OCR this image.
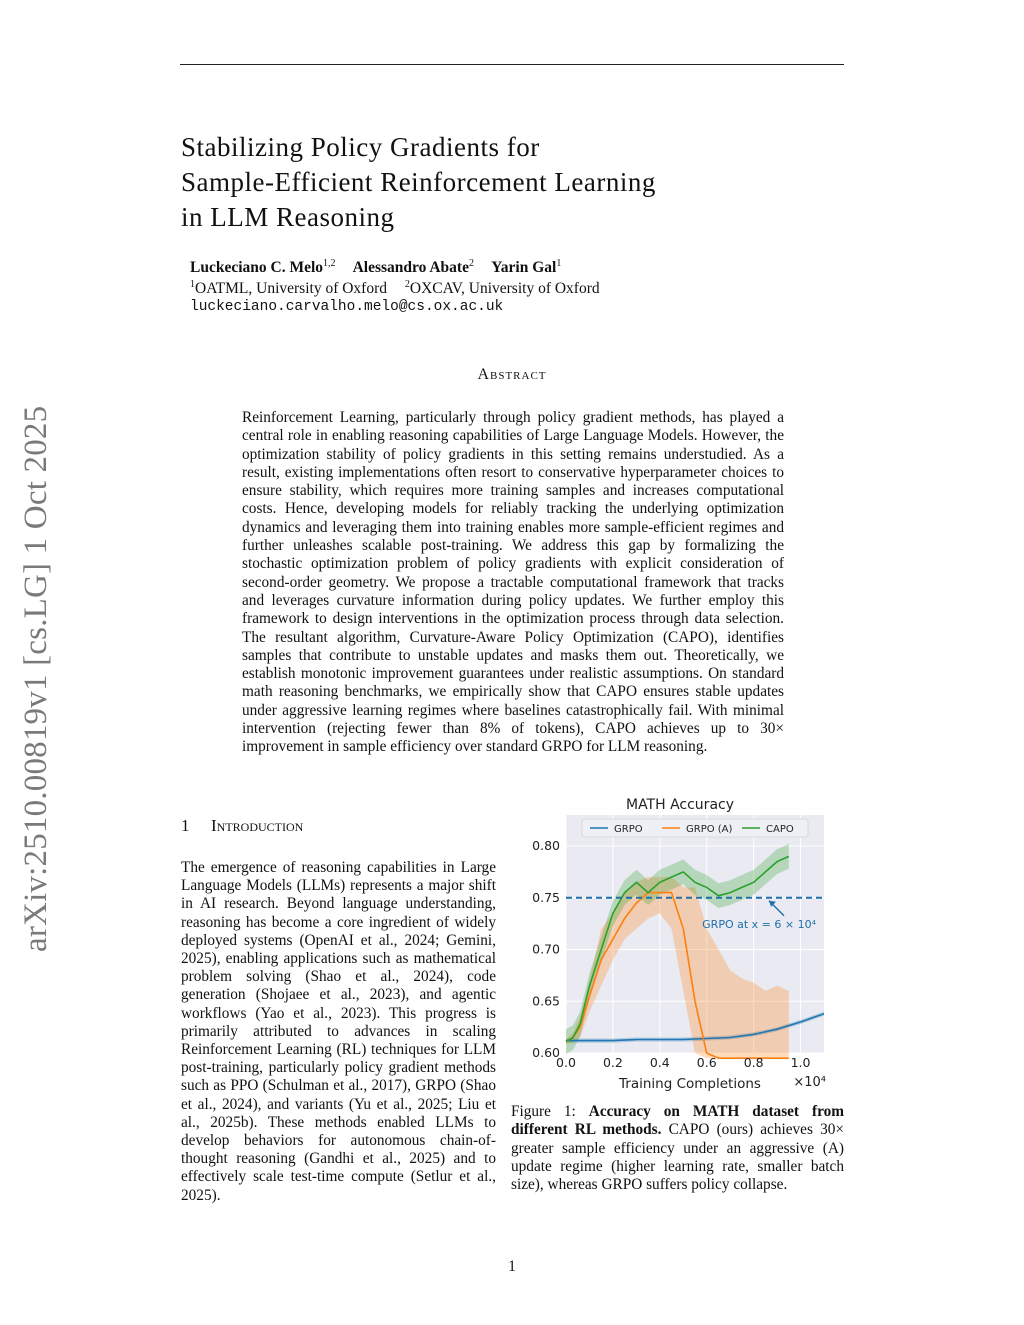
Stabilizing Policy Gradients for
Sample-Efficient Reinforcement Learning
in LLM Reasoning
Luckeciano C. Melo$^{1,2}$ Alessandro Abate$^2$ Yarin Gal$^1$
$^1$OATML, University of Oxford $^2$OXCAV, University of Oxford
luckeciano.carvalho.melo@cs.ox.ac.uk
Abstract
Reinforcement Learning, particularly through policy gradient methods, has played a central role in enabling reasoning capabilities of Large Language Models. However, the optimization stability of policy gradients in this setting remains understudied. As a result, existing implementations often resort to conservative hyperparameter choices to ensure stability, which requires more training samples and increases computational costs. Hence, developing models for reliably tracking the underlying optimization dynamics and leveraging them into training enables more sample-efficient regimes and further unleashes scalable post-training. We address this gap by formalizing the stochastic optimization problem of policy gradients with explicit consideration of second-order geometry. We propose a tractable computational framework that tracks and leverages curvature information during policy updates. We further employ this framework to design interventions in the optimization process through data selection. The resultant algorithm, Curvature-Aware Policy Optimization (CAPO), identifies samples that contribute to unstable updates and masks them out. Theoretically, we establish monotonic improvement guarantees under realistic assumptions. On standard math reasoning benchmarks, we empirically show that CAPO ensures stable updates under aggressive learning regimes where baselines catastrophically fail. With minimal intervention (rejecting fewer than 8% of tokens), CAPO achieves up to 30× improvement in sample efficiency over standard GRPO for LLM reasoning.
arXiv:2510.00819v1 [cs.LG] 1 Oct 2025	1 Introduction
The emergence of reasoning capabilities in Large Language Models (LLMs) represents a major shift in AI research. Beyond language understanding, reasoning has become a core ingredient of widely deployed systems (OpenAI et al., 2024; Gemini, 2025), enabling applications such as mathematical problem solving (Shao et al., 2024), code generation (Shojaee et al., 2023), and agentic workflows (Yao et al., 2023). This progress is primarily attributed to advances in scaling Reinforcement Learning (RL) techniques for LLM post-training, particularly policy gradient methods such as PPO (Schulman et al., 2017), GRPO (Shao et al., 2024), and variants (Yu et al., 2025; Liu et al., 2025b). These methods enabled LLMs to develop behaviors for autonomous chain-of-thought reasoning (Gandhi et al., 2025) and to effectively scale test-time compute (Setlur et al., 2025).
MATH Accuracy
GRPO at x = 6 × 10⁴
GRPO	GRPO (A)	CAPO
0.0 0.2 0.4 0.6 0.8 1.0
0.60
0.65
0.70
0.75
0.80
Training Completions ×10⁴
Figure 1: Accuracy on MATH dataset from different RL methods. CAPO (ours) achieves 30× greater sample efficiency under an aggressive (A) update regime (higher learning rate, smaller batch size), whereas GRPO suffers policy collapse.
1
